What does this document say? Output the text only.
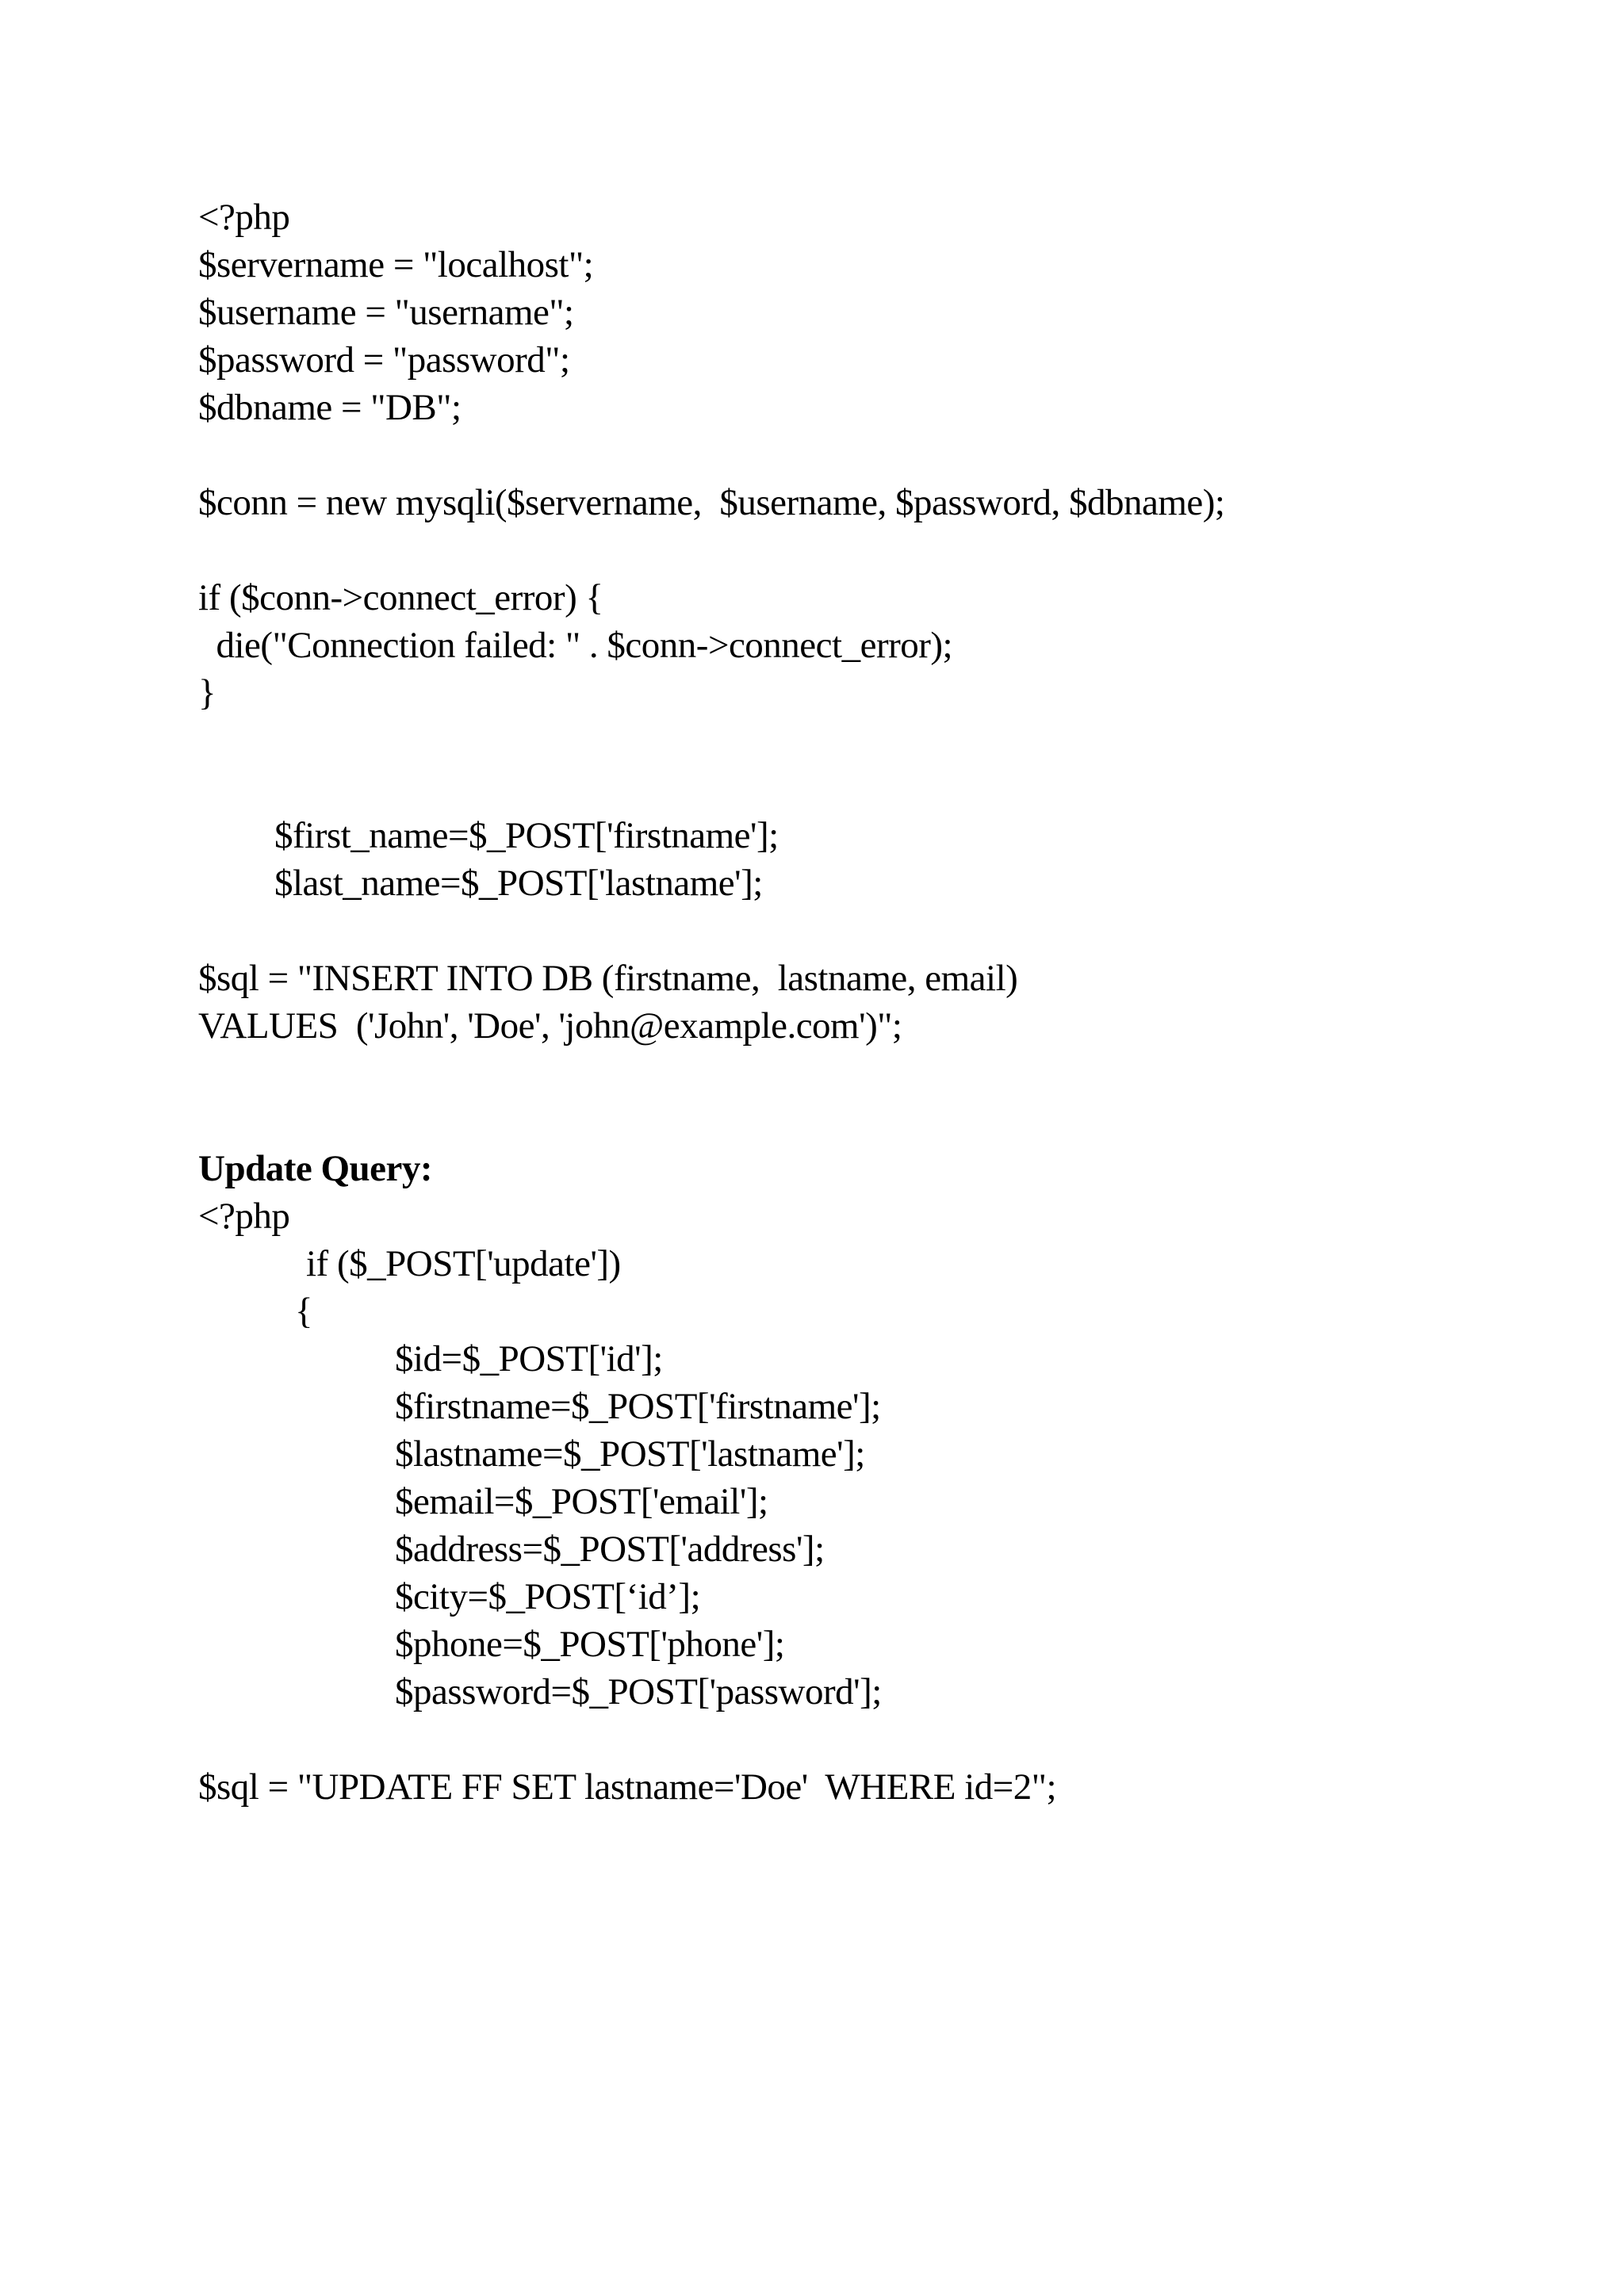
<?php
$servername = "localhost";
$username = "username";
$password = "password";
$dbname = "DB";
$conn = new mysqli($servername,  $username, $password, $dbname);
if ($conn->connect_error) {
die("Connection failed: " . $conn->connect_error);
}
$first_name=$_POST['firstname'];
$last_name=$_POST['lastname'];
$sql = "INSERT INTO DB (firstname,  lastname, email)
VALUES  ('John', 'Doe', 'john@example.com')";
Update Query:
<?php
if ($_POST['update'])
{
$id=$_POST['id'];
$firstname=$_POST['firstname'];
$lastname=$_POST['lastname'];
$email=$_POST['email'];
$address=$_POST['address'];
$city=$_POST[‘id’];
$phone=$_POST['phone'];
$password=$_POST['password'];
$sql = "UPDATE FF SET lastname='Doe'  WHERE id=2";
